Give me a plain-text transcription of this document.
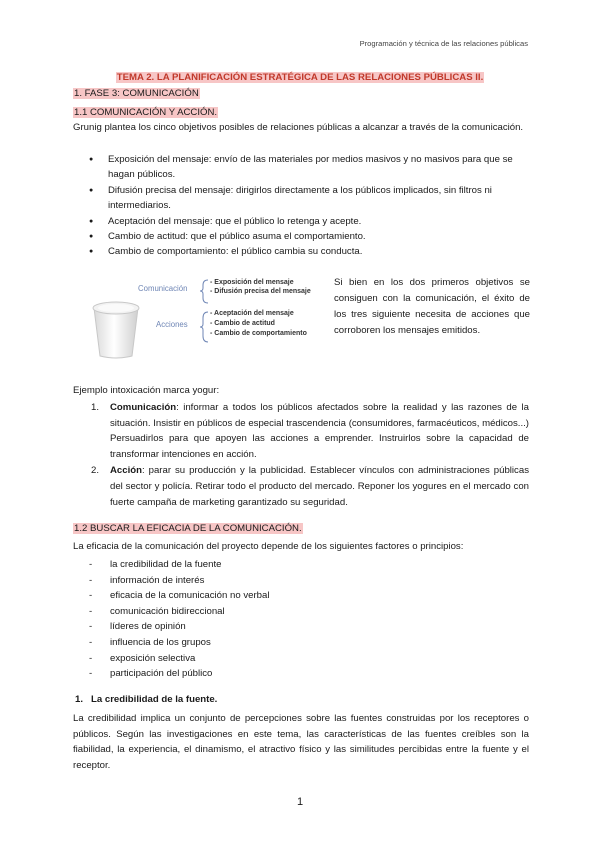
Programación y técnica de las relaciones públicas
TEMA 2. LA PLANIFICACIÓN ESTRATÉGICA DE LAS RELACIONES PÚBLICAS II.
1. FASE 3: COMUNICACIÓN
1.1 COMUNICACIÓN Y ACCIÓN.
Grunig plantea los cinco objetivos posibles de relaciones públicas a alcanzar a través de la comunicación.
● Exposición del mensaje: envío de las materiales por medios masivos y no masivos para que se hagan públicos.
● Difusión precisa del mensaje: dirigirlos directamente a los públicos implicados, sin filtros ni intermediarios.
● Aceptación del mensaje: que el público lo retenga y acepte.
● Cambio de actitud: que el público asuma el comportamiento.
● Cambio de comportamiento: el público cambia su conducta.
Comunicación
Acciones
- Exposición del mensaje
- Difusión precisa del mensaje
- Aceptación del mensaje
- Cambio de actitud
- Cambio de comportamiento
Si bien en los dos primeros objetivos se consiguen con la comunicación, el éxito de los tres siguiente necesita de acciones que corroboren los mensajes emitidos.
Ejemplo intoxicación marca yogur:
1. Comunicación: informar a todos los públicos afectados sobre la realidad y las razones de la situación. Insistir en públicos de especial trascendencia (consumidores, farmacéuticos, médicos...) Persuadirlos para que apoyen las acciones a emprender. Instruirlos sobre la capacidad de transformar intenciones en acción.
2. Acción: parar su producción y la publicidad. Establecer vínculos con administraciones públicas del sector y policía. Retirar todo el producto del mercado. Reponer los yogures en el mercado con fuerte campaña de marketing garantizado su seguridad.
1.2 BUSCAR LA EFICACIA DE LA COMUNICACIÓN.
La eficacia de la comunicación del proyecto depende de los siguientes factores o principios:
- la credibilidad de la fuente
- información de interés
- eficacia de la comunicación no verbal
- comunicación bidireccional
- líderes de opinión
- influencia de los grupos
- exposición selectiva
- participación del público
1. La credibilidad de la fuente.
La credibilidad implica un conjunto de percepciones sobre las fuentes construidas por los receptores o públicos. Según las investigaciones en este tema, las características de las fuentes creíbles son la fiabilidad, la experiencia, el dinamismo, el atractivo físico y las similitudes percibidas entre la fuente y el receptor.
1
